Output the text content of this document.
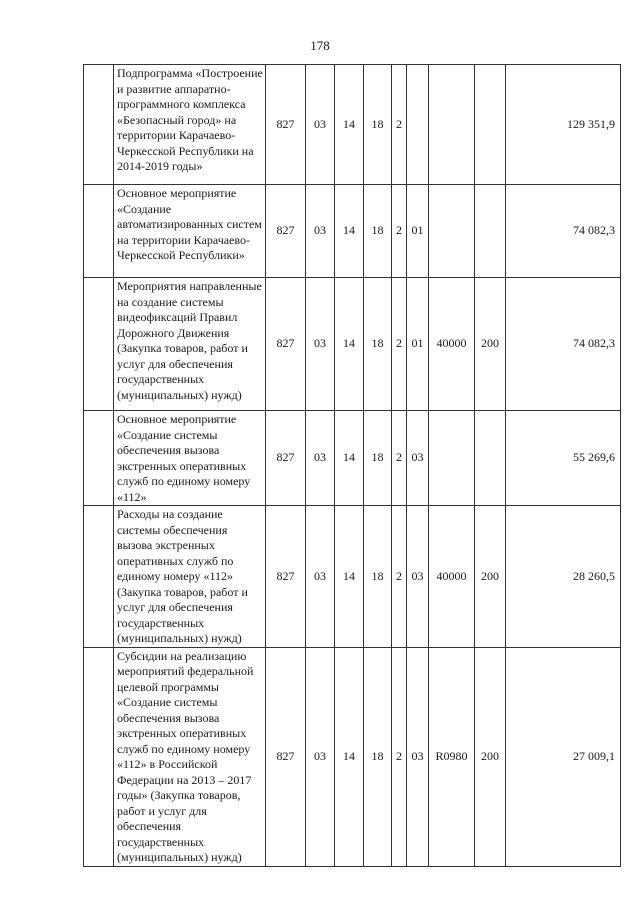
178
	Подпрограмма «Построение и развитие аппаратно-программного комплекса «Безопасный город» на территории Карачаево-Черкесской Республики на 2014-2019 годы»	827	03	14	18	2				129 351,9
	Основное мероприятие «Создание автоматизированных систем на территории Карачаево-Черкесской Республики»	827	03	14	18	2	01			74 082,3
	Мероприятия направленные на создание системы видеофиксаций Правил Дорожного Движения (Закупка товаров, работ и услуг для обеспечения государственных (муниципальных) нужд)	827	03	14	18	2	01	40000	200	74 082,3
	Основное мероприятие «Создание системы обеспечения вызова экстренных оперативных служб по единому номеру «112»	827	03	14	18	2	03			55 269,6
	Расходы на создание системы обеспечения вызова экстренных оперативных служб по единому номеру «112» (Закупка товаров, работ и услуг для обеспечения государственных (муниципальных) нужд)	827	03	14	18	2	03	40000	200	28 260,5
	Субсидии на реализацию мероприятий федеральной целевой программы «Создание системы обеспечения вызова экстренных оперативных служб по единому номеру «112» в Российской Федерации на 2013 – 2017 годы» (Закупка товаров, работ и услуг для обеспечения государственных (муниципальных) нужд)	827	03	14	18	2	03	R0980	200	27 009,1
